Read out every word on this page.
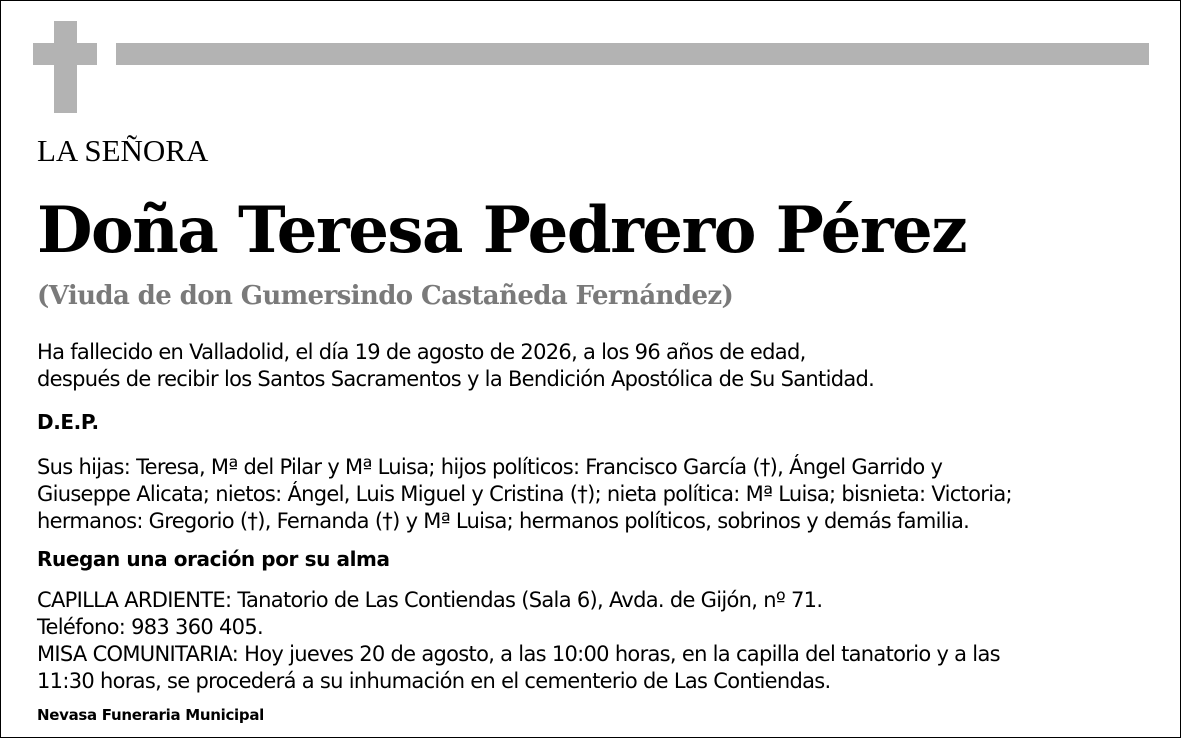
LA SEÑORA

Doña Teresa Pedrero Pérez

(Viuda de don Gumersindo Castañeda Fernández)

Ha fallecido en Valladolid, el día 19 de agosto de 2026, a los 96 años de edad,
después de recibir los Santos Sacramentos y la Bendición Apostólica de Su Santidad.

D.E.P.

Sus hijas: Teresa, Mª del Pilar y Mª Luisa; hijos políticos: Francisco García (†), Ángel Garrido y
Giuseppe Alicata; nietos: Ángel, Luis Miguel y Cristina (†); nieta política: Mª Luisa; bisnieta: Victoria;
hermanos: Gregorio (†), Fernanda (†) y Mª Luisa; hermanos políticos, sobrinos y demás familia.

Ruegan una oración por su alma

CAPILLA ARDIENTE: Tanatorio de Las Contiendas (Sala 6), Avda. de Gijón, nº 71.
Teléfono: 983 360 405.
MISA COMUNITARIA: Hoy jueves 20 de agosto, a las 10:00 horas, en la capilla del tanatorio y a las
11:30 horas, se procederá a su inhumación en el cementerio de Las Contiendas.

Nevasa Funeraria Municipal
